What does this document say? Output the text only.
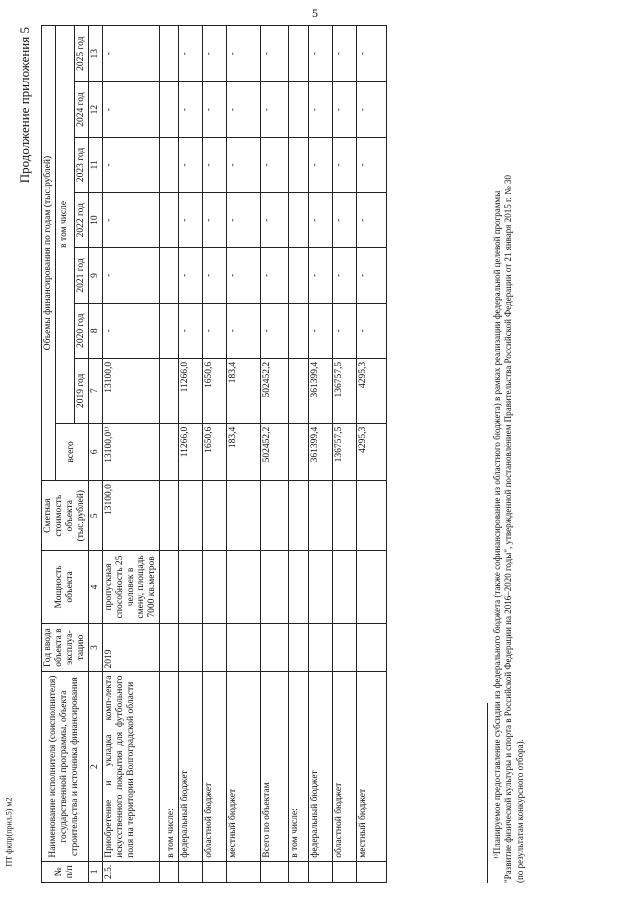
5
ПТ фкпр(прил.5) м2
Продолжение приложения 5
№ п/п	Наименование исполнителя (соисполнителя) государственной программы, объекта строительства и источника финансирования	Год ввода объекта в эксплуа-тацию	Мощность объекта	Сметная стоимость объекта (тыс.рублей)	Объемы финансирования по годам (тыс.рублей)							
					всего	в том числе						
						2019 год	2020 год	2021 год	2022 год	2023 год	2024 год	2025 год
1	2	3	4	5	6	7	8	9	10	11	12	13
2.5.	Приобретение и укладка комп-лекта искусственного покрытия для футбольного поля на территории Волгоградской области	2019	пропускная способность 25 человек в смену, площадь 7000 кв.метров	13100,0	13100,0¹⁾	13100,0	-	-	-	-	-	-
	в том числе:											
	федеральный бюджет				11266,0	11266,0	-	-	-	-	-	-
	областной бюджет				1650,6	1650,6	-	-	-	-	-	-
	местный бюджет				183,4	183,4	-	-	-	-	-	-
	Всего по объектам				502452,2	502452,2	-	-	-	-	-	-
	в том числе:											
	федеральный бюджет				361399,4	361399,4	-	-	-	-	-	-
	областной бюджет				136757,5	136757,5	-	-	-	-	-	-
	местный бюджет				4295,3	4295,3	-	-	-	-	-	-

¹⁾Планируемое предоставление субсидии из федерального бюджета (также софинансирование из областного бюджета) в рамках реализации федеральной целевой программы "Развитие физической культуры и спорта в Российской Федерации на 2016–2020 годы", утвержденной постановлением Правительства Российской Федерации от 21 января 2015 г. № 30 (по результатам конкурсного отбора).
